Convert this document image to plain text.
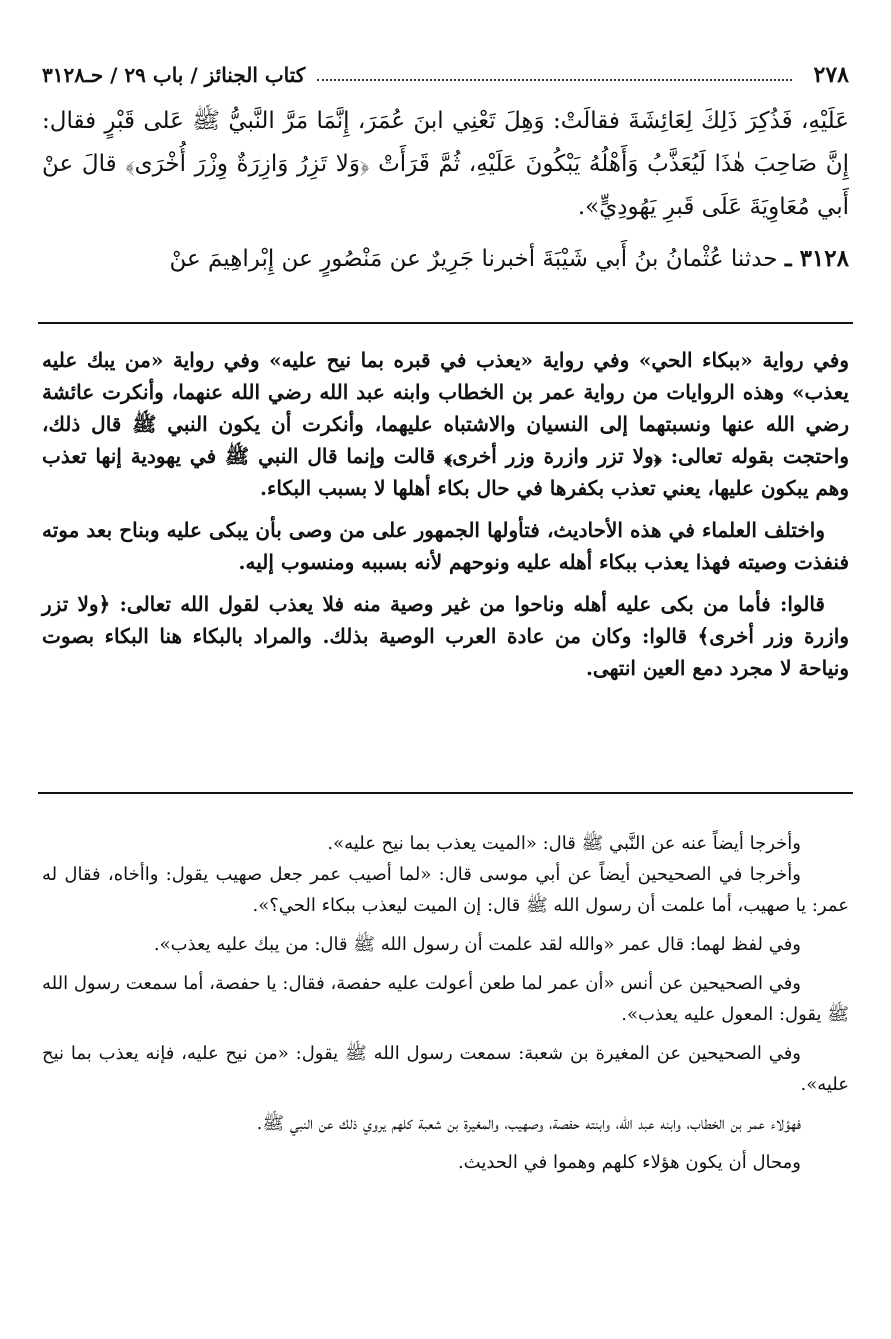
٢٧٨
كتاب الجنائز / باب ٢٩ / حـ٣١٢٨

عَلَيْهِ، فَذُكِرَ ذَلِكَ لِعَائِشَةَ فقالَتْ: وَهِلَ تَعْنِي ابنَ عُمَرَ، إِنَّمَا مَرَّ النَّبيُّ ﷺ عَلى قَبْرٍ فقال: إِنَّ صَاحِبَ هٰذَا لَيُعَذَّبُ وَأَهْلُهُ يَبْكُونَ عَلَيْهِ، ثُمَّ قَرَأَتْ ﴿وَلا تَزِرُ وَازِرَةٌ وِزْرَ أُخْرَى﴾ قالَ عنْ أَبي مُعَاوِيَةَ عَلَى قَبرِ يَهُودِيٍّ».

٣١٢٨ ـ حدثنا عُثْمانُ بنُ أَبي شَيْبَةَ أخبرنا جَرِيرٌ عن مَنْصُورٍ عن إِبْراهِيمَ عنْ

وفي رواية «ببكاء الحي» وفي رواية «يعذب في قبره بما نيح عليه» وفي رواية «من يبك عليه يعذب» وهذه الروايات من رواية عمر بن الخطاب وابنه عبد الله رضي الله عنهما، وأنكرت عائشة رضي الله عنها ونسبتهما إلى النسيان والاشتباه عليهما، وأنكرت أن يكون النبي ﷺ قال ذلك، واحتجت بقوله تعالى: ﴿ولا تزر وازرة وزر أخرى﴾ قالت وإنما قال النبي ﷺ في يهودية إنها تعذب وهم يبكون عليها، يعني تعذب بكفرها في حال بكاء أهلها لا بسبب البكاء.

واختلف العلماء في هذه الأحاديث، فتأولها الجمهور على من وصى بأن يبكى عليه وبناح بعد موته فنفذت وصيته فهذا يعذب ببكاء أهله عليه ونوحهم لأنه بسببه ومنسوب إليه.

قالوا: فأما من بكى عليه أهله وناحوا من غير وصية منه فلا يعذب لقول الله تعالى: ﴿ولا تزر وازرة وزر أخرى﴾ قالوا: وكان من عادة العرب الوصية بذلك. والمراد بالبكاء هنا البكاء بصوت ونياحة لا مجرد دمع العين انتهى.

وأخرجا أيضاً عنه عن النَّبي ﷺ قال: «الميت يعذب بما نيح عليه».

وأخرجا في الصحيحين أيضاً عن أبي موسى قال: «لما أصيب عمر جعل صهيب يقول: واأخاه، فقال له عمر: يا صهيب، أما علمت أن رسول الله ﷺ قال: إن الميت ليعذب ببكاء الحي؟».

وفي لفظ لهما: قال عمر «والله لقد علمت أن رسول الله ﷺ قال: من يبك عليه يعذب».

وفي الصحيحين عن أنس «أن عمر لما طعن أعولت عليه حفصة، فقال: يا حفصة، أما سمعت رسول الله ﷺ يقول: المعول عليه يعذب».

وفي الصحيحين عن المغيرة بن شعبة: سمعت رسول الله ﷺ يقول: «من نيح عليه، فإنه يعذب بما نيح عليه».

فهؤلاء عمر بن الخطاب، وابنه عبد الله، وابنته حفصة، وصهيب، والمغيرة بن شعبة كلهم يروي ذلك عن النبي ﷺ.

ومحال أن يكون هؤلاء كلهم وهموا في الحديث.
